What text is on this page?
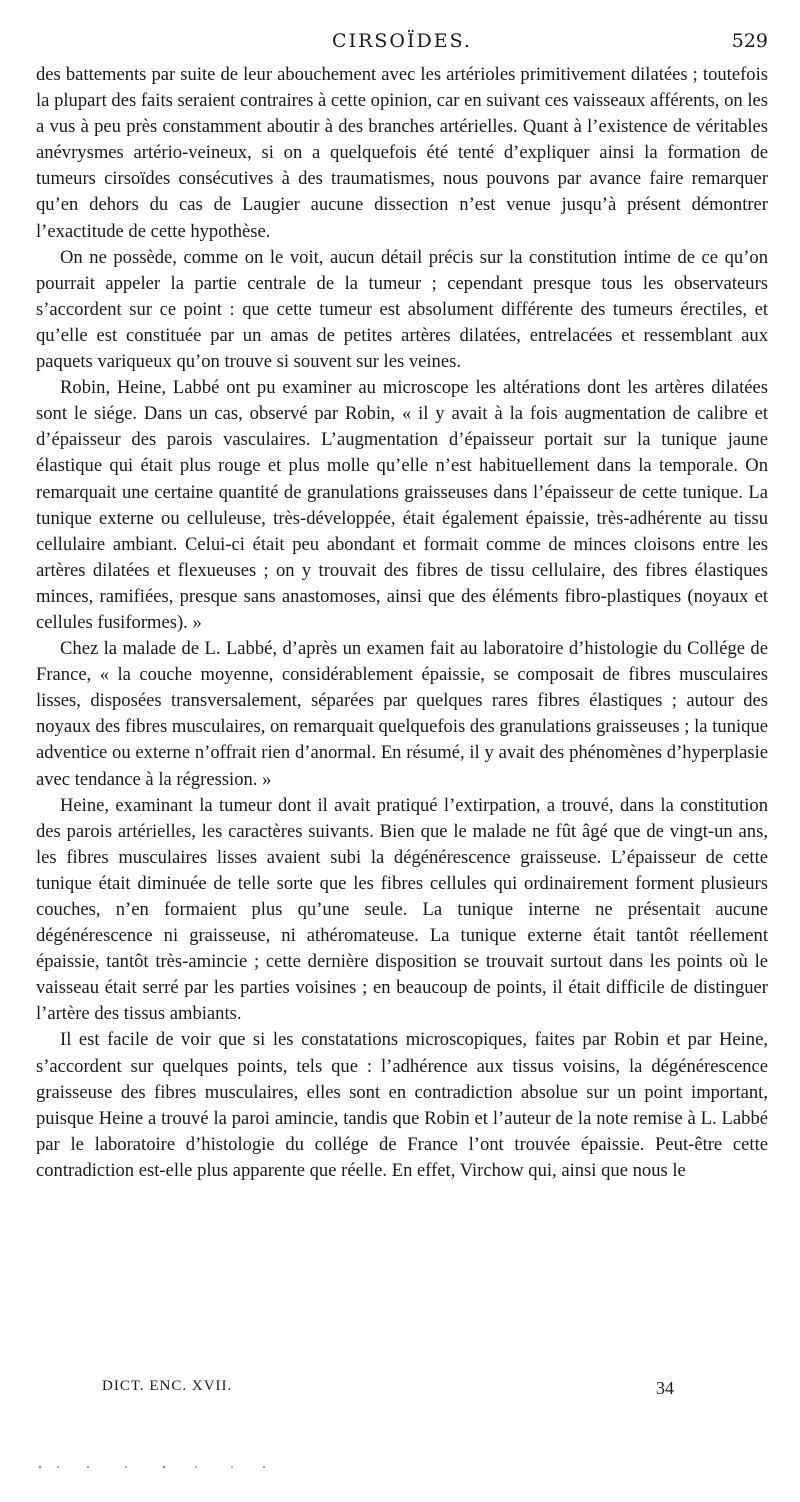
CIRSOÏDES.	529

des battements par suite de leur abouchement avec les artérioles primitivement dilatées ; toutefois la plupart des faits seraient contraires à cette opinion, car en suivant ces vaisseaux afférents, on les a vus à peu près constamment aboutir à des branches artérielles. Quant à l’existence de véritables anévrysmes artério-veineux, si on a quelquefois été tenté d’expliquer ainsi la formation de tumeurs cirsoïdes consécutives à des traumatismes, nous pouvons par avance faire remarquer qu’en dehors du cas de Laugier aucune dissection n’est venue jusqu’à présent démontrer l’exactitude de cette hypothèse.

On ne possède, comme on le voit, aucun détail précis sur la constitution intime de ce qu’on pourrait appeler la partie centrale de la tumeur ; cependant presque tous les observateurs s’accordent sur ce point : que cette tumeur est absolument différente des tumeurs érectiles, et qu’elle est constituée par un amas de petites artères dilatées, entrelacées et ressemblant aux paquets variqueux qu’on trouve si souvent sur les veines.

Robin, Heine, Labbé ont pu examiner au microscope les altérations dont les artères dilatées sont le siége. Dans un cas, observé par Robin, « il y avait à la fois augmentation de calibre et d’épaisseur des parois vasculaires. L’augmentation d’épaisseur portait sur la tunique jaune élastique qui était plus rouge et plus molle qu’elle n’est habituellement dans la temporale. On remarquait une certaine quantité de granulations graisseuses dans l’épaisseur de cette tunique. La tunique externe ou celluleuse, très-développée, était également épaissie, très-adhérente au tissu cellulaire ambiant. Celui-ci était peu abondant et formait comme de minces cloisons entre les artères dilatées et flexueuses ; on y trouvait des fibres de tissu cellulaire, des fibres élastiques minces, ramifiées, presque sans anastomoses, ainsi que des éléments fibro-plastiques (noyaux et cellules fusiformes). »

Chez la malade de L. Labbé, d’après un examen fait au laboratoire d’histologie du Collége de France, « la couche moyenne, considérablement épaissie, se composait de fibres musculaires lisses, disposées transversalement, séparées par quelques rares fibres élastiques ; autour des noyaux des fibres musculaires, on remarquait quelquefois des granulations graisseuses ; la tunique adventice ou externe n’offrait rien d’anormal. En résumé, il y avait des phénomènes d’hyperplasie avec tendance à la régression. »

Heine, examinant la tumeur dont il avait pratiqué l’extirpation, a trouvé, dans la constitution des parois artérielles, les caractères suivants. Bien que le malade ne fût âgé que de vingt-un ans, les fibres musculaires lisses avaient subi la dégénérescence graisseuse. L’épaisseur de cette tunique était diminuée de telle sorte que les fibres cellules qui ordinairement forment plusieurs couches, n’en formaient plus qu’une seule. La tunique interne ne présentait aucune dégénérescence ni graisseuse, ni athéromateuse. La tunique externe était tantôt réellement épaissie, tantôt très-amincie ; cette dernière disposition se trouvait surtout dans les points où le vaisseau était serré par les parties voisines ; en beaucoup de points, il était difficile de distinguer l’artère des tissus ambiants.

Il est facile de voir que si les constatations microscopiques, faites par Robin et par Heine, s’accordent sur quelques points, tels que : l’adhérence aux tissus voisins, la dégénérescence graisseuse des fibres musculaires, elles sont en contradiction absolue sur un point important, puisque Heine a trouvé la paroi amincie, tandis que Robin et l’auteur de la note remise à L. Labbé par le laboratoire d’histologie du collége de France l’ont trouvée épaissie. Peut-être cette contradiction est-elle plus apparente que réelle. En effet, Virchow qui, ainsi que nous le

DICT. ENC. XVII.	34
